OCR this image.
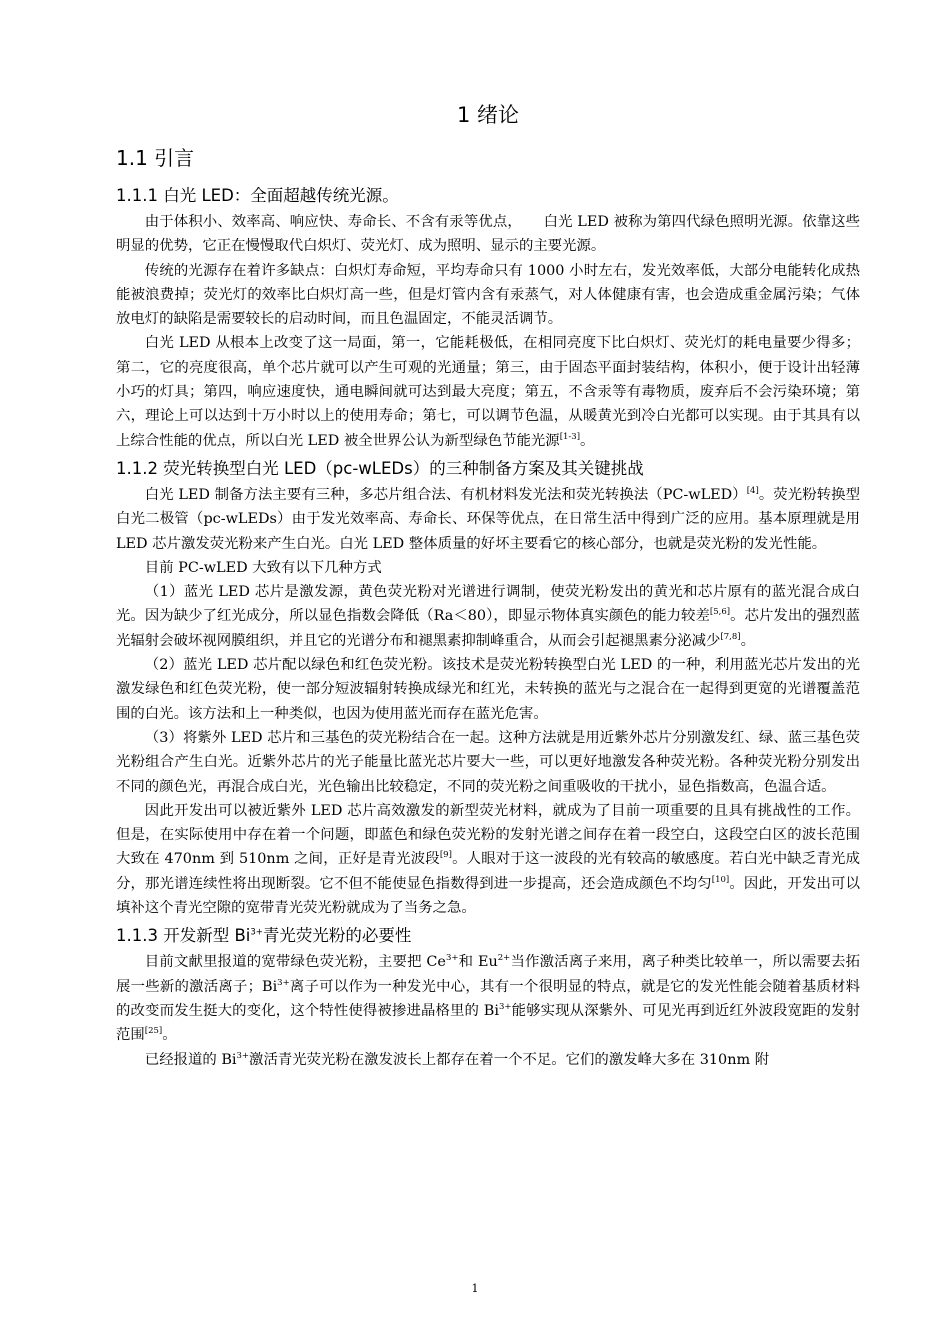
1 绪论
1.1 引言
1.1.1 白光 LED：全面超越传统光源。

由于体积小、效率高、响应快、寿命长、不含有汞等优点，　　白光 LED 被称为第四代绿色照明光源。依靠这些明显的优势，它正在慢慢取代白炽灯、荧光灯、成为照明、显示的主要光源。

传统的光源存在着许多缺点：白炽灯寿命短，平均寿命只有 1000 小时左右，发光效率低，大部分电能转化成热能被浪费掉；荧光灯的效率比白炽灯高一些，但是灯管内含有汞蒸气，对人体健康有害，也会造成重金属污染；气体放电灯的缺陷是需要较长的启动时间，而且色温固定，不能灵活调节。

白光 LED 从根本上改变了这一局面，第一，它能耗极低，在相同亮度下比白炽灯、荧光灯的耗电量要少得多；第二，它的亮度很高，单个芯片就可以产生可观的光通量；第三，由于固态平面封装结构，体积小，便于设计出轻薄小巧的灯具；第四，响应速度快，通电瞬间就可达到最大亮度；第五，不含汞等有毒物质，废弃后不会污染环境；第六，理论上可以达到十万小时以上的使用寿命；第七，可以调节色温，从暖黄光到冷白光都可以实现。由于其具有以上综合性能的优点，所以白光 LED 被全世界公认为新型绿色节能光源[1-3]。

1.1.2 荧光转换型白光 LED（pc-wLEDs）的三种制备方案及其关键挑战

白光 LED 制备方法主要有三种，多芯片组合法、有机材料发光法和荧光转换法（PC-wLED）[4]。荧光粉转换型白光二极管（pc-wLEDs）由于发光效率高、寿命长、环保等优点，在日常生活中得到广泛的应用。基本原理就是用 LED 芯片激发荧光粉来产生白光。白光 LED 整体质量的好坏主要看它的核心部分，也就是荧光粉的发光性能。

目前 PC-wLED 大致有以下几种方式

（1）蓝光 LED 芯片是激发源，黄色荧光粉对光谱进行调制，使荧光粉发出的黄光和芯片原有的蓝光混合成白光。因为缺少了红光成分，所以显色指数会降低（Ra＜80），即显示物体真实颜色的能力较差[5,6]。芯片发出的强烈蓝光辐射会破坏视网膜组织，并且它的光谱分布和褪黑素抑制峰重合，从而会引起褪黑素分泌减少[7,8]。

（2）蓝光 LED 芯片配以绿色和红色荧光粉。该技术是荧光粉转换型白光 LED 的一种，利用蓝光芯片发出的光激发绿色和红色荧光粉，使一部分短波辐射转换成绿光和红光，未转换的蓝光与之混合在一起得到更宽的光谱覆盖范围的白光。该方法和上一种类似，也因为使用蓝光而存在蓝光危害。

（3）将紫外 LED 芯片和三基色的荧光粉结合在一起。这种方法就是用近紫外芯片分别激发红、绿、蓝三基色荧光粉组合产生白光。近紫外芯片的光子能量比蓝光芯片要大一些，可以更好地激发各种荧光粉。各种荧光粉分别发出不同的颜色光，再混合成白光，光色输出比较稳定，不同的荧光粉之间重吸收的干扰小，显色指数高，色温合适。

因此开发出可以被近紫外 LED 芯片高效激发的新型荧光材料，就成为了目前一项重要的且具有挑战性的工作。但是，在实际使用中存在着一个问题，即蓝色和绿色荧光粉的发射光谱之间存在着一段空白，这段空白区的波长范围大致在 470nm 到 510nm 之间，正好是青光波段[9]。人眼对于这一波段的光有较高的敏感度。若白光中缺乏青光成分，那光谱连续性将出现断裂。它不但不能使显色指数得到进一步提高，还会造成颜色不均匀[10]。因此，开发出可以填补这个青光空隙的宽带青光荧光粉就成为了当务之急。

1.1.3 开发新型 $Bi^{3+}$青光荧光粉的必要性

目前文献里报道的宽带绿色荧光粉，主要把 $Ce^{3+}$和 $Eu^{2+}$当作激活离子来用，离子种类比较单一，所以需要去拓展一些新的激活离子；$Bi^{3+}$离子可以作为一种发光中心，其有一个很明显的特点，就是它的发光性能会随着基质材料的改变而发生挺大的变化，这个特性使得被掺进晶格里的 $Bi^{3+}$能够实现从深紫外、可见光再到近红外波段宽距的发射范围[25]。

已经报道的 $Bi^{3+}$激活青光荧光粉在激发波长上都存在着一个不足。它们的激发峰大多在 310nm 附

1
